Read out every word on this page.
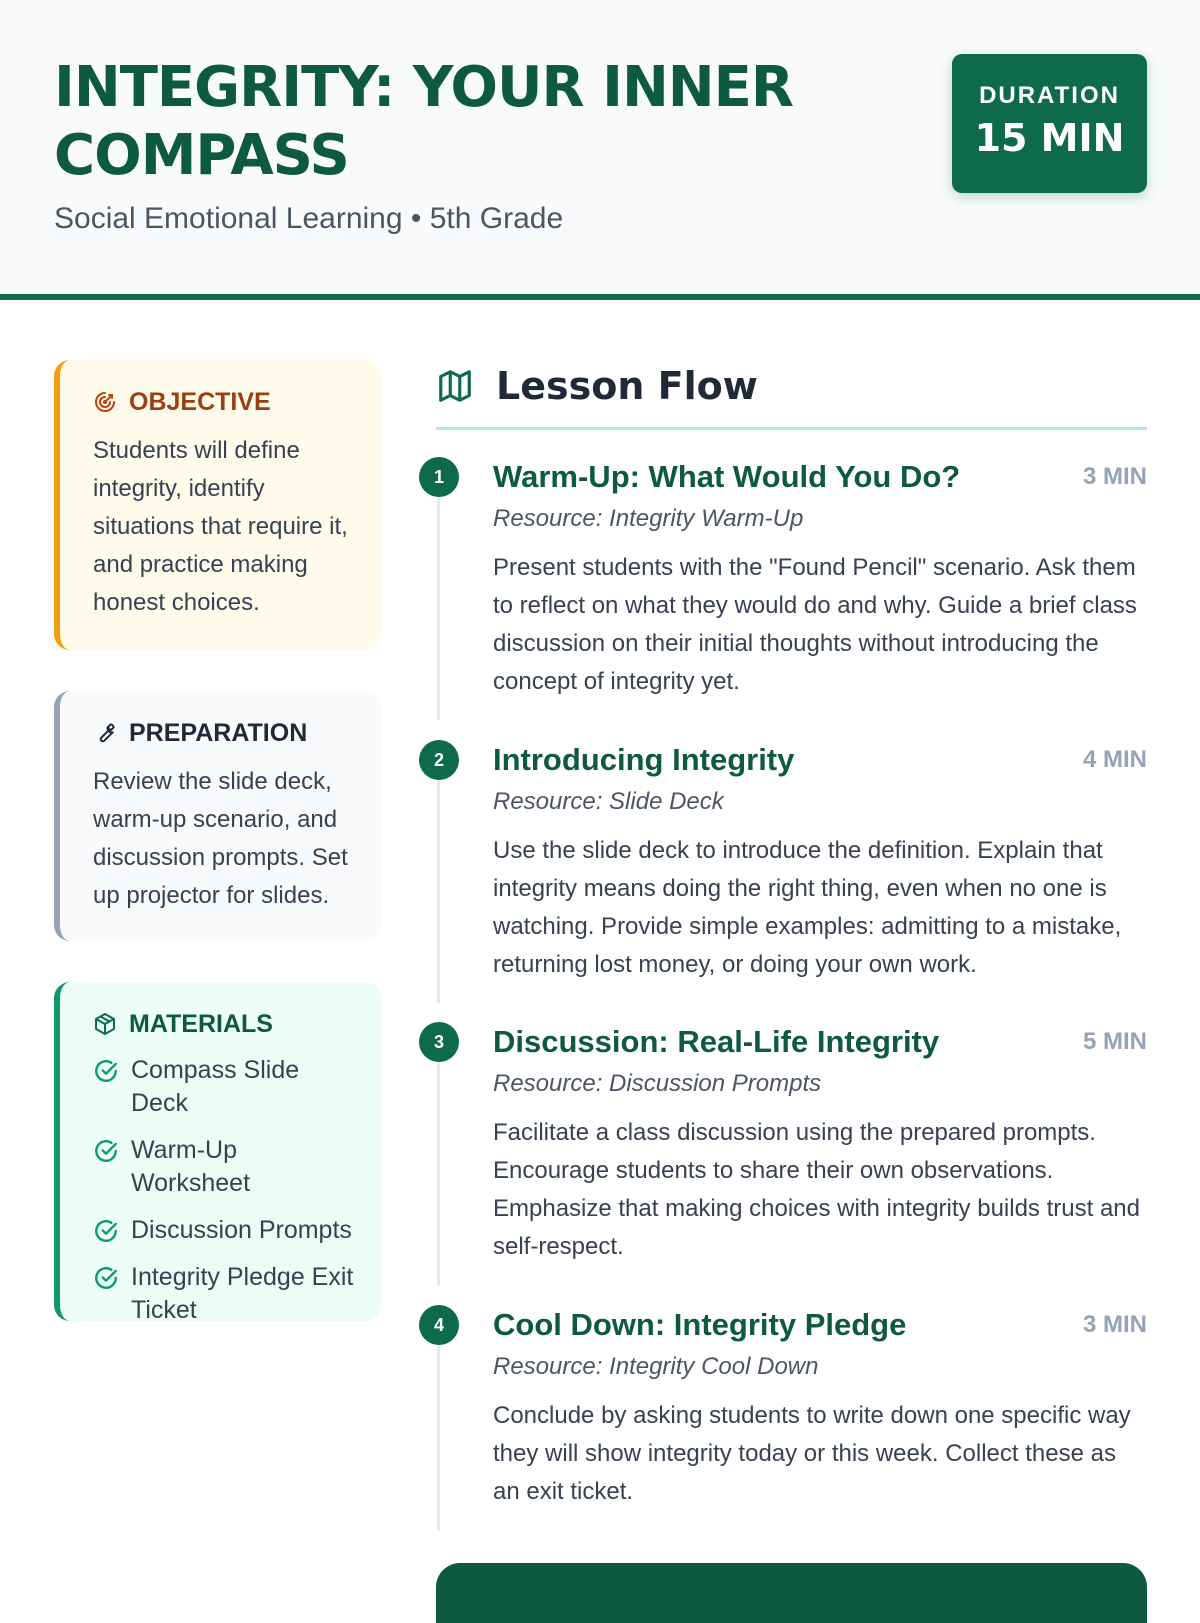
INTEGRITY: YOUR INNER COMPASS
Social Emotional Learning • 5th Grade
DURATION
15 MIN
OBJECTIVE
Students will define integrity, identify situations that require it, and practice making honest choices.
PREPARATION
Review the slide deck, warm-up scenario, and discussion prompts. Set up projector for slides.
MATERIALS
Compass Slide Deck
Warm-Up Worksheet
Discussion Prompts
Integrity Pledge Exit Ticket
Lesson Flow
1	Warm-Up: What Would You Do?	3 MIN
Resource: Integrity Warm-Up
Present students with the "Found Pencil" scenario. Ask them to reflect on what they would do and why. Guide a brief class discussion on their initial thoughts without introducing the concept of integrity yet.
2	Introducing Integrity	4 MIN
Resource: Slide Deck
Use the slide deck to introduce the definition. Explain that integrity means doing the right thing, even when no one is watching. Provide simple examples: admitting to a mistake, returning lost money, or doing your own work.
3	Discussion: Real-Life Integrity	5 MIN
Resource: Discussion Prompts
Facilitate a class discussion using the prepared prompts. Encourage students to share their own observations. Emphasize that making choices with integrity builds trust and self-respect.
4	Cool Down: Integrity Pledge	3 MIN
Resource: Integrity Cool Down
Conclude by asking students to write down one specific way they will show integrity today or this week. Collect these as an exit ticket.
